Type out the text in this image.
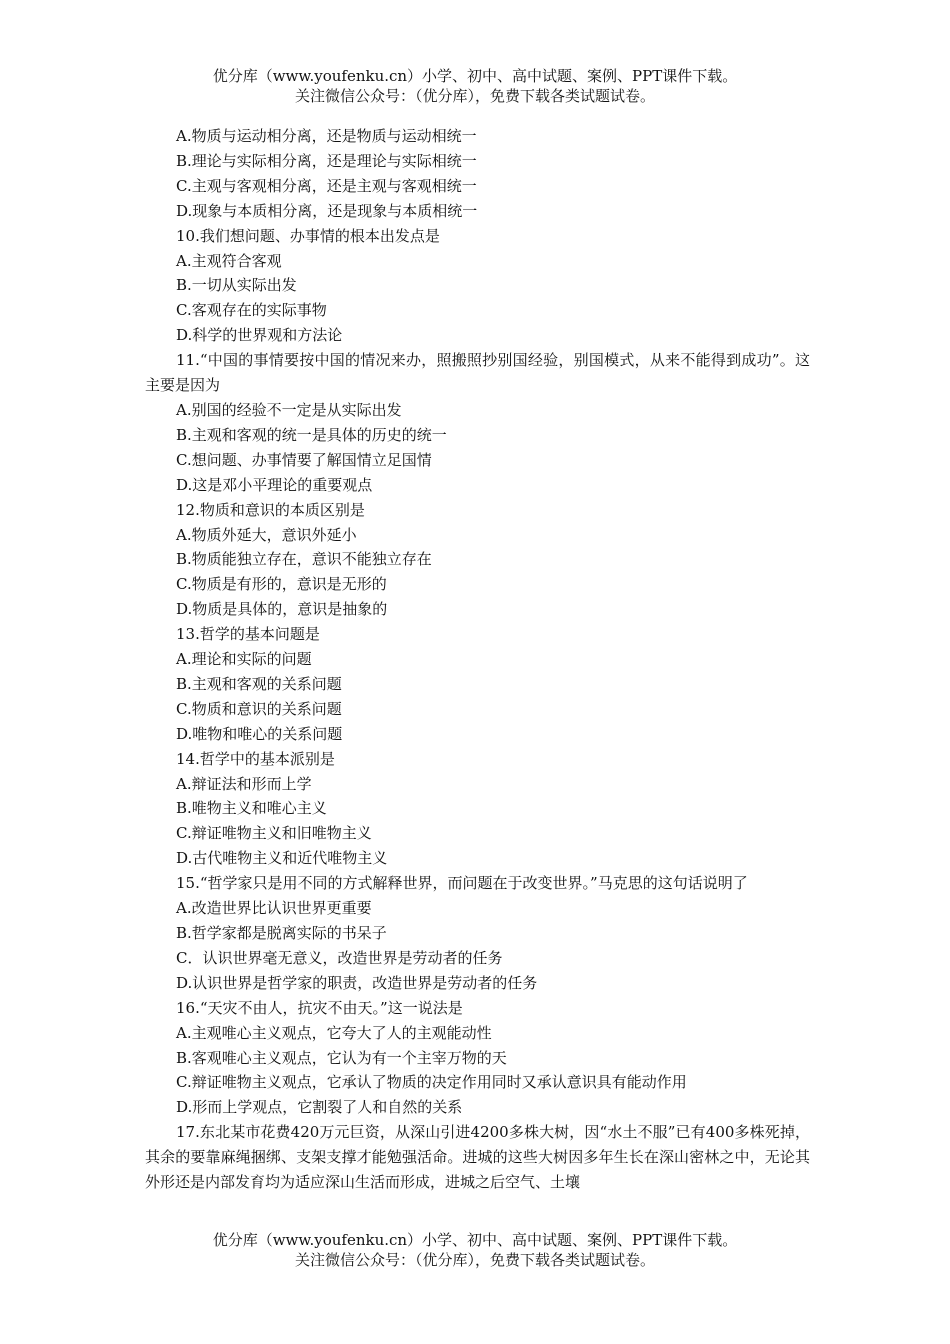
优分库（www.youfenku.cn）小学、初中、高中试题、案例、PPT课件下载。
关注微信公众号：（优分库），免费下载各类试题试卷。
A.物质与运动相分离，还是物质与运动相统一
B.理论与实际相分离，还是理论与实际相统一
C.主观与客观相分离，还是主观与客观相统一
D.现象与本质相分离，还是现象与本质相统一
10.我们想问题、办事情的根本出发点是
A.主观符合客观
B.一切从实际出发
C.客观存在的实际事物
D.科学的世界观和方法论
11.“中国的事情要按中国的情况来办，照搬照抄别国经验，别国模式，从来不能得到成功”。这主要是因为
A.别国的经验不一定是从实际出发
B.主观和客观的统一是具体的历史的统一
C.想问题、办事情要了解国情立足国情
D.这是邓小平理论的重要观点
12.物质和意识的本质区别是
A.物质外延大，意识外延小
B.物质能独立存在，意识不能独立存在
C.物质是有形的，意识是无形的
D.物质是具体的，意识是抽象的
13.哲学的基本问题是
A.理论和实际的问题
B.主观和客观的关系问题
C.物质和意识的关系问题
D.唯物和唯心的关系问题
14.哲学中的基本派别是
A.辩证法和形而上学
B.唯物主义和唯心主义
C.辩证唯物主义和旧唯物主义
D.古代唯物主义和近代唯物主义
15.“哲学家只是用不同的方式解释世界，而问题在于改变世界。”马克思的这句话说明了
A.改造世界比认识世界更重要
B.哲学家都是脱离实际的书呆子
C．认识世界毫无意义，改造世界是劳动者的任务
D.认识世界是哲学家的职责，改造世界是劳动者的任务
16.“天灾不由人，抗灾不由天。”这一说法是
A.主观唯心主义观点，它夸大了人的主观能动性
B.客观唯心主义观点，它认为有一个主宰万物的天
C.辩证唯物主义观点，它承认了物质的决定作用同时又承认意识具有能动作用
D.形而上学观点，它割裂了人和自然的关系
17.东北某市花费420万元巨资，从深山引进4200多株大树，因“水土不服”已有400多株死掉，其余的要靠麻绳捆绑、支架支撑才能勉强活命。进城的这些大树因多年生长在深山密林之中，无论其外形还是内部发育均为适应深山生活而形成，进城之后空气、土壤
优分库（www.youfenku.cn）小学、初中、高中试题、案例、PPT课件下载。
关注微信公众号：（优分库），免费下载各类试题试卷。
